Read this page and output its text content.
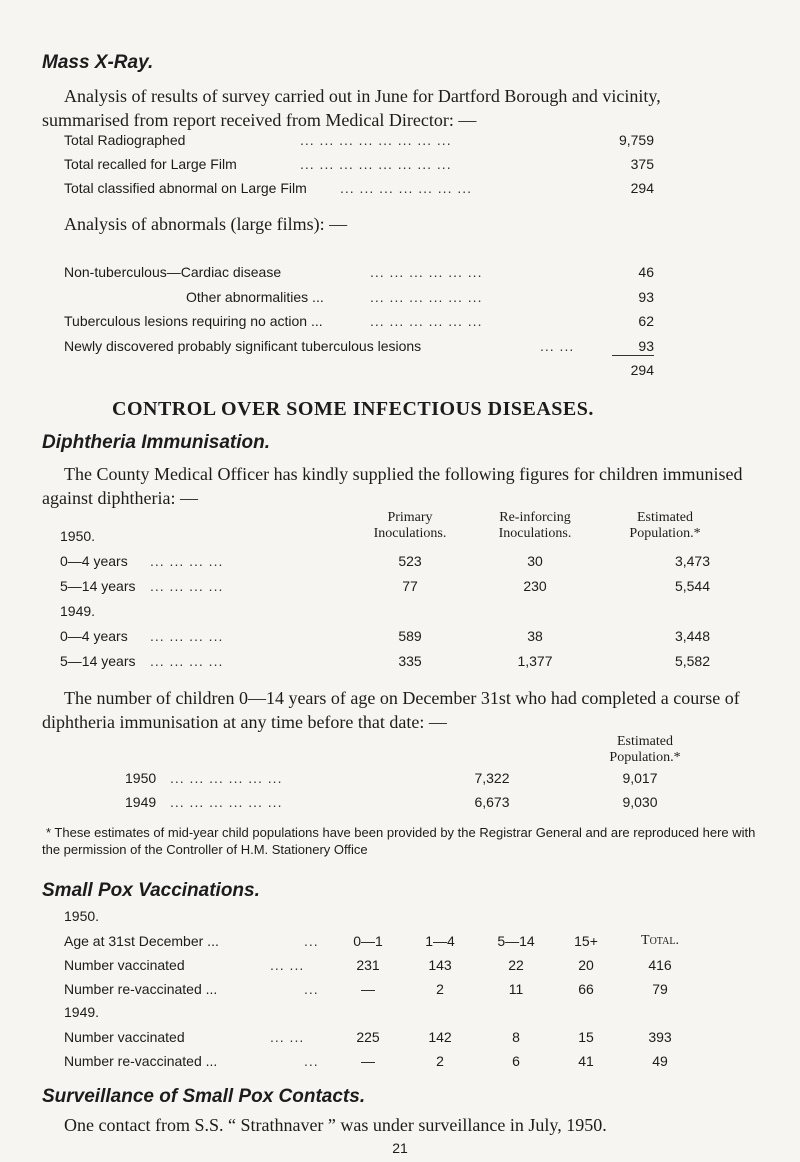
Mass X-Ray.
Analysis of results of survey carried out in June for Dartford Borough and vicinity, summarised from report received from Medical Director: —
Total Radiographed	... ... ... ... ... ... ... ...	9,759
Total recalled for Large Film	... ... ... ... ... ... ... ...	375
Total classified abnormal on Large Film ... ... ... ... ... ... ...	294
Analysis of abnormals (large films): —
Non-tuberculous—Cardiac disease	... ... ... ... ... ...	46
Other abnormalities ...	... ... ... ... ... ...	93
Tuberculous lesions requiring no action ...	... ... ... ... ... ...	62
Newly discovered probably significant tuberculous lesions	... ...	93
294
CONTROL OVER SOME INFECTIOUS DISEASES.
Diphtheria Immunisation.
The County Medical Officer has kindly supplied the following figures for children immunised against diphtheria: —
Primary Inoculations.
Re-inforcing Inoculations.
Estimated Population.*
1950.
0—4 years ... ... ... ...	523	30	3,473
5—14 years ... ... ... ...	77	230	5,544
1949.
0—4 years ... ... ... ...	589	38	3,448
5—14 years ... ... ... ...	335	1,377	5,582
The number of children 0—14 years of age on December 31st who had completed a course of diphtheria immunisation at any time before that date: —
Estimated Population.*
1950 ... ... ... ... ... ...	7,322	9,017
1949 ... ... ... ... ... ...	6,673	9,030
* These estimates of mid-year child populations have been provided by the Registrar General and are reproduced here with the permission of the Controller of H.M. Stationery Office
Small Pox Vaccinations.
1950.
Age at 31st December ...	...	0—1	1—4	5—14	15+	Total.
Number vaccinated	... ...	231	143	22	20	416
Number re-vaccinated ...	...	—	2	11	66	79
1949.
Number vaccinated	... ...	225	142	8	15	393
Number re-vaccinated ...	...	—	2	6	41	49
Surveillance of Small Pox Contacts.
One contact from S.S. “ Strathnaver ” was under surveillance in July, 1950.
21
